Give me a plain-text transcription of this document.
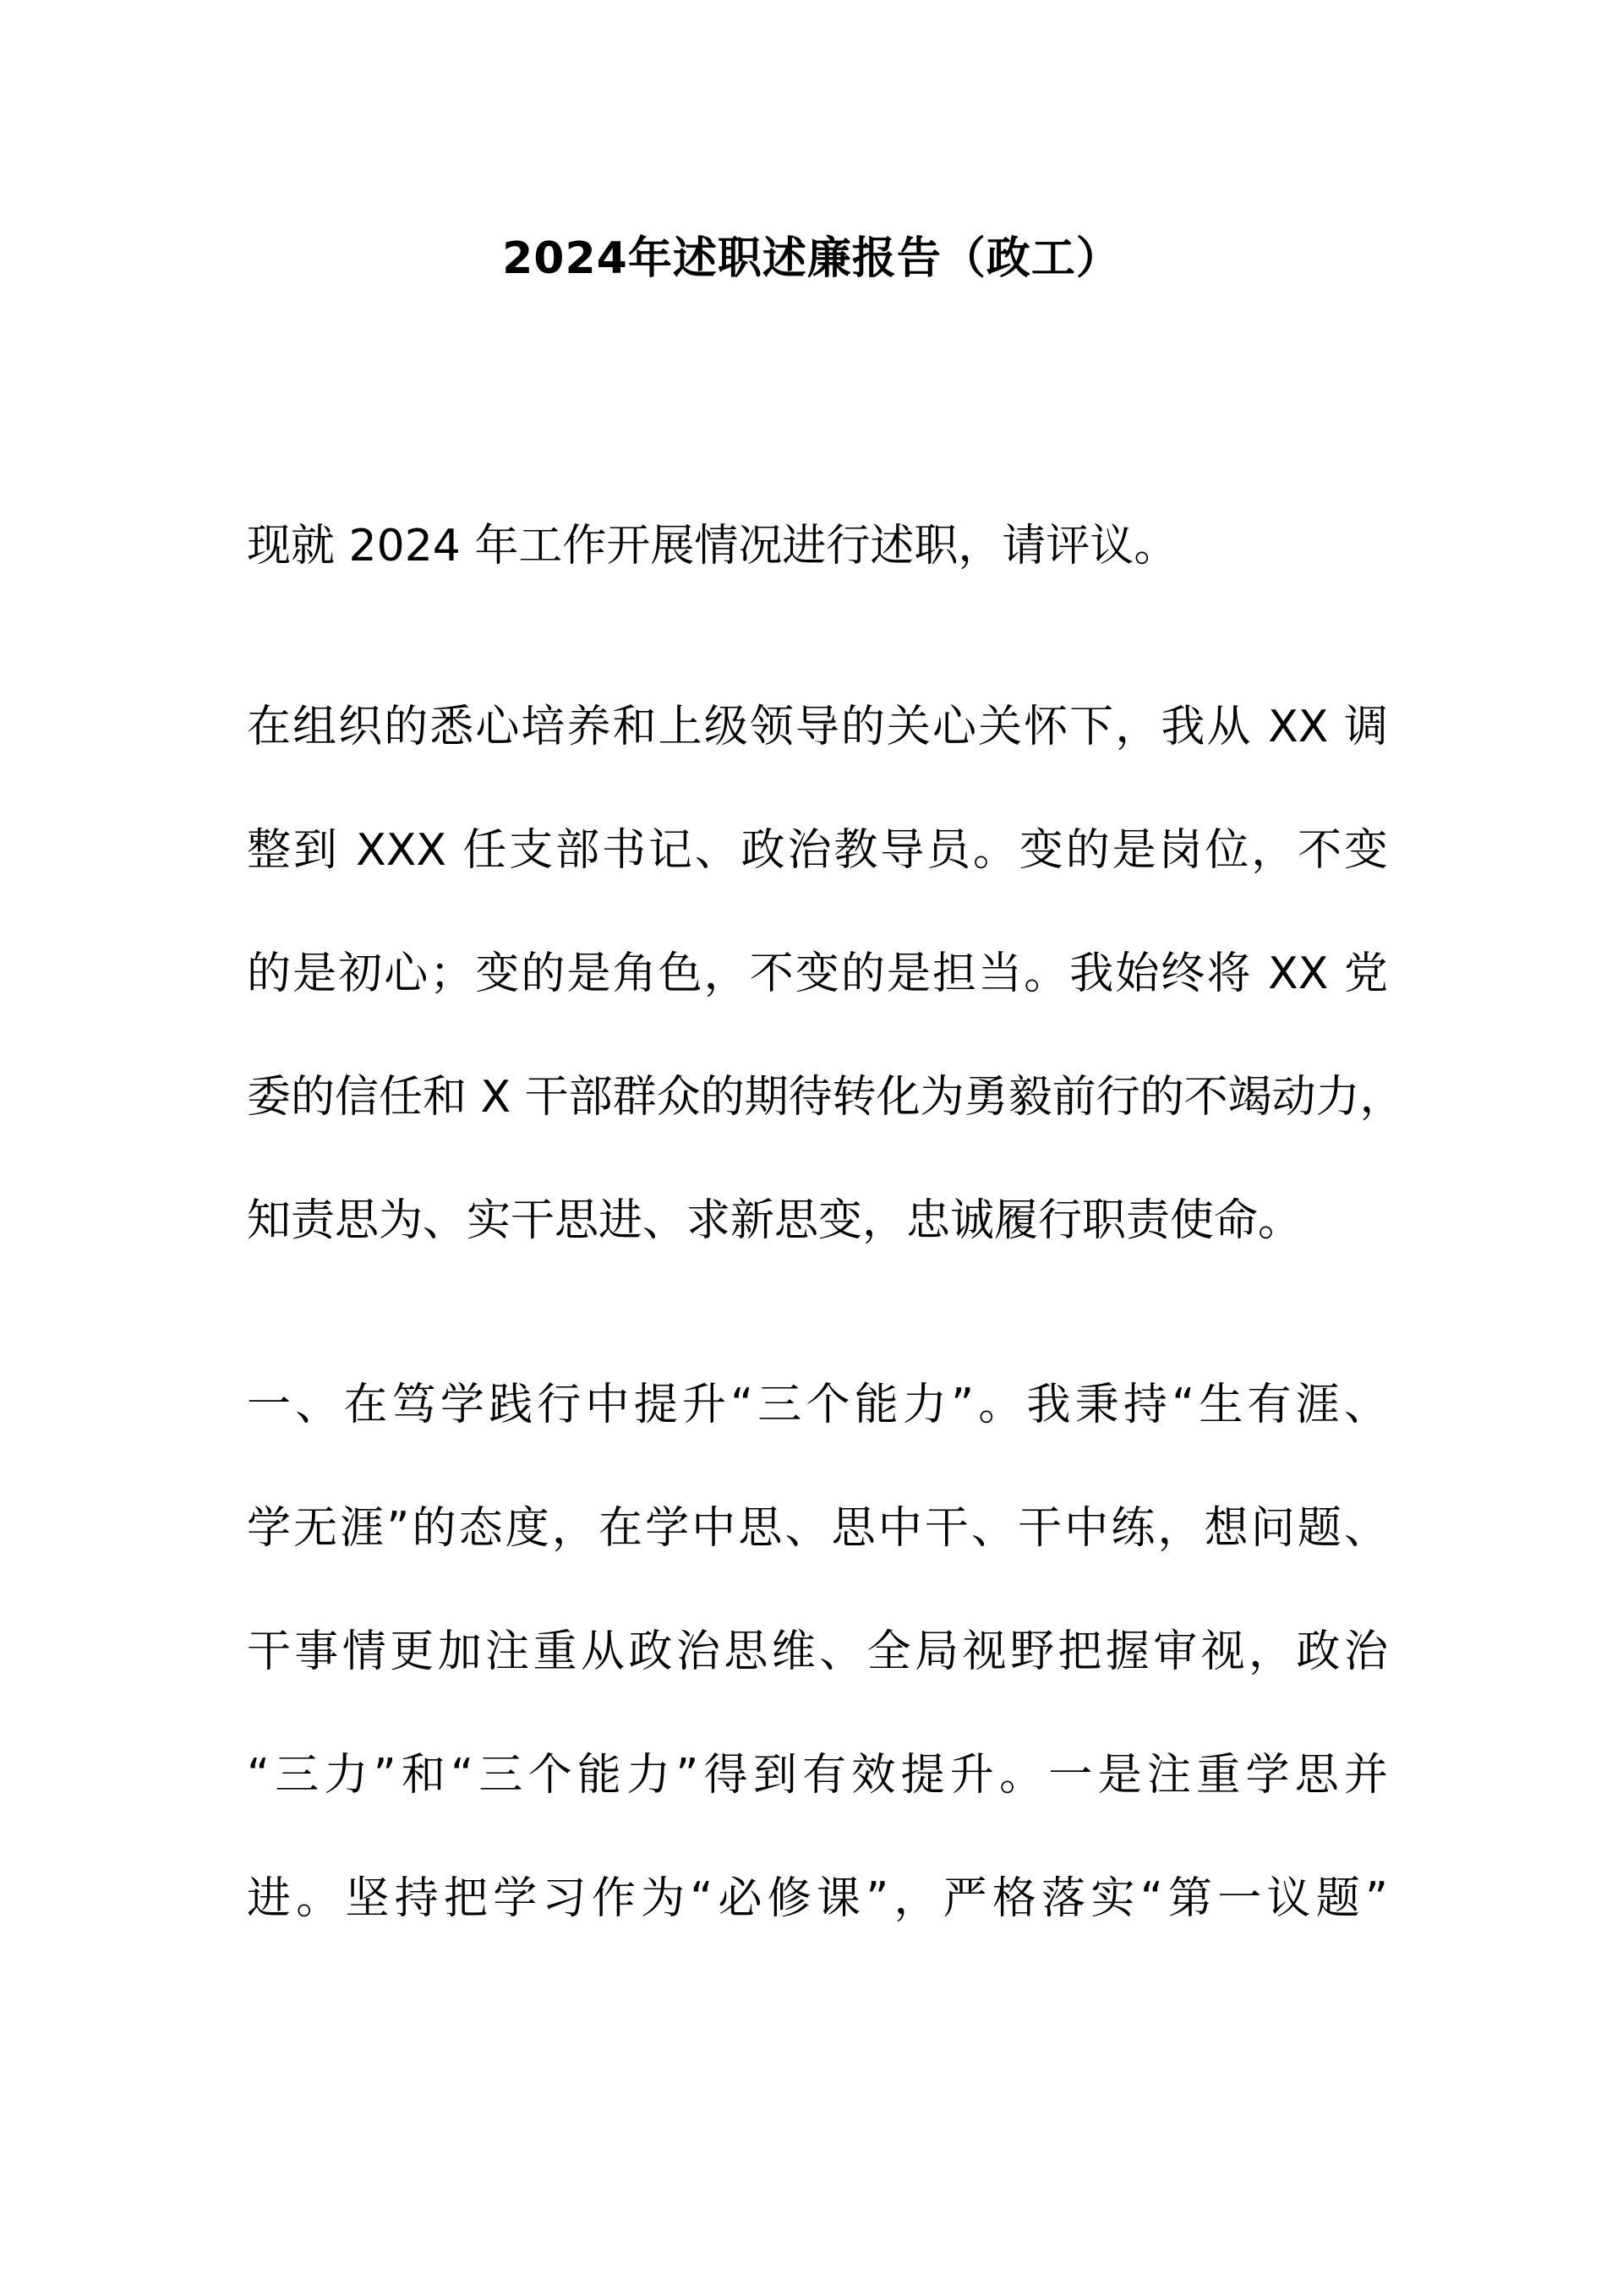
2024年述职述廉报告（政工）

现就 2024 年工作开展情况进行述职，请评议。

在组织的悉心培养和上级领导的关心关怀下，我从 XX 调

整到 XXX 任支部书记、政治教导员。变的是岗位，不变

的是初心；变的是角色，不变的是担当。我始终将 XX 党

委的信任和 X 干部群众的期待转化为勇毅前行的不竭动力，

知责思为、实干思进、求新思变，忠诚履行职责使命。

一、在笃学践行中提升“三个能力”。我秉持“生有涯、

学无涯”的态度，在学中思、思中干、干中练，想问题、

干事情更加注重从政治思维、全局视野把握审视，政治

“三力”和“三个能力”得到有效提升。一是注重学思并

进。坚持把学习作为“必修课”，严格落实“第一议题”
